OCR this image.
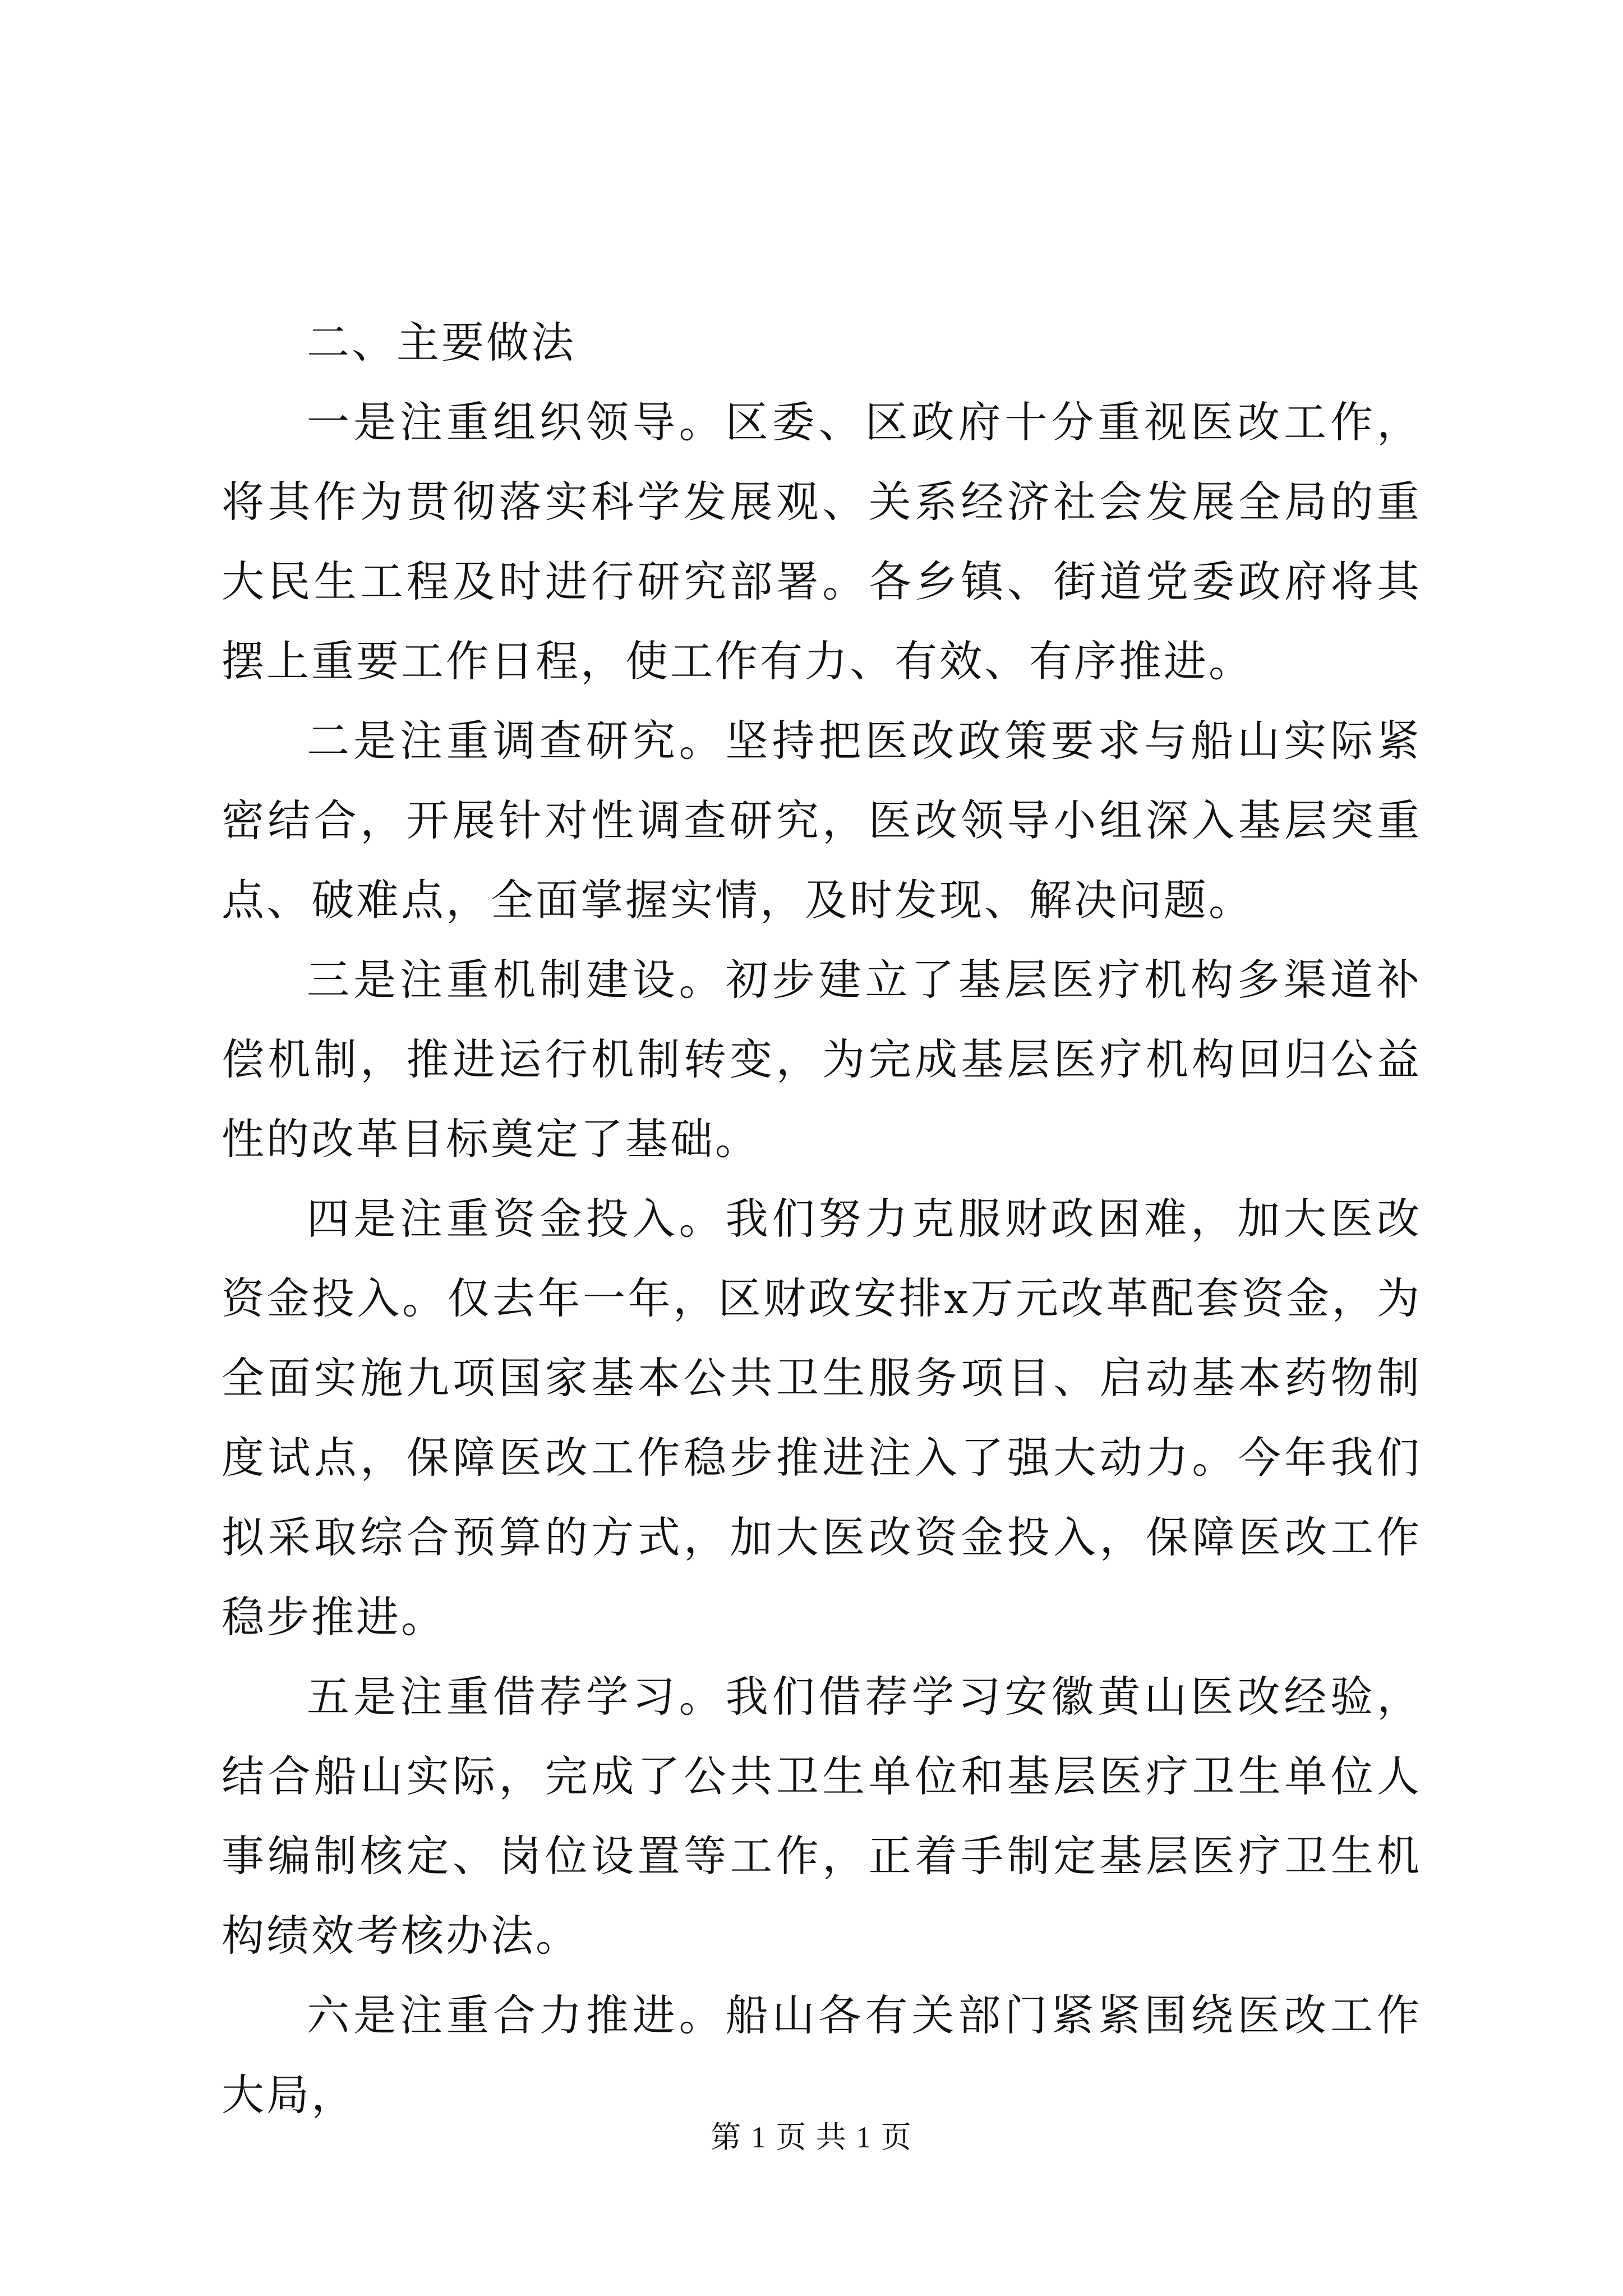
二、主要做法

一是注重组织领导。区委、区政府十分重视医改工作，将其作为贯彻落实科学发展观、关系经济社会发展全局的重大民生工程及时进行研究部署。各乡镇、街道党委政府将其摆上重要工作日程，使工作有力、有效、有序推进。

二是注重调查研究。坚持把医改政策要求与船山实际紧密结合，开展针对性调查研究，医改领导小组深入基层突重点、破难点，全面掌握实情，及时发现、解决问题。

三是注重机制建设。初步建立了基层医疗机构多渠道补偿机制，推进运行机制转变，为完成基层医疗机构回归公益性的改革目标奠定了基础。

四是注重资金投入。我们努力克服财政困难，加大医改资金投入。仅去年一年，区财政安排x万元改革配套资金，为全面实施九项国家基本公共卫生服务项目、启动基本药物制度试点，保障医改工作稳步推进注入了强大动力。今年我们拟采取综合预算的方式，加大医改资金投入，保障医改工作稳步推进。

五是注重借荐学习。我们借荐学习安徽黄山医改经验，结合船山实际，完成了公共卫生单位和基层医疗卫生单位人事编制核定、岗位设置等工作，正着手制定基层医疗卫生机构绩效考核办法。

六是注重合力推进。船山各有关部门紧紧围绕医改工作大局，

第 1 页 共 1 页
